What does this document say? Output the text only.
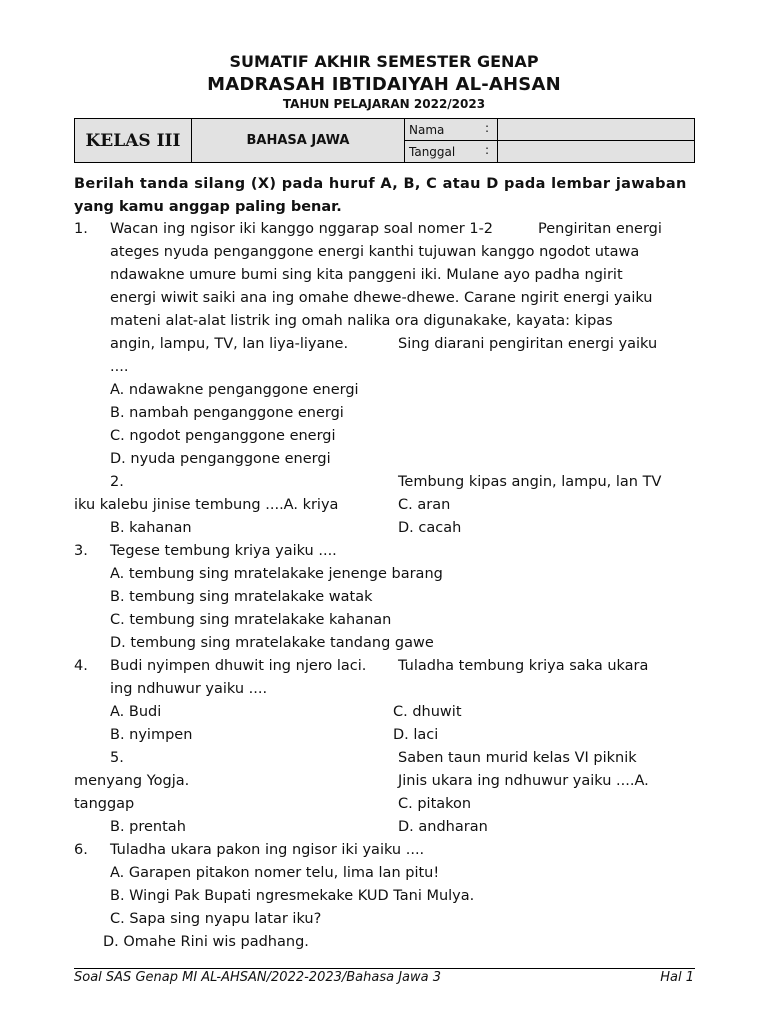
SUMATIF AKHIR SEMESTER GENAP
MADRASAH IBTIDAIYAH AL-AHSAN
TAHUN PELAJARAN 2022/2023
KELAS III	BAHASA JAWA	Nama :	

		Tanggal :	

Berilah tanda silang (X) pada huruf A, B, C atau D pada lembar jawaban
yang kamu anggap paling benar.
1. Wacan ing ngisor iki kanggo nggarap soal nomer 1-2	Pengiritan energi
ateges nyuda penganggone energi kanthi tujuwan kanggo ngodot utawa
ndawakne umure bumi sing kita panggeni iki. Mulane ayo padha ngirit
energi wiwit saiki ana ing omahe dhewe-dhewe. Carane ngirit energi yaiku
mateni alat-alat listrik ing omah nalika ora digunakake, kayata: kipas
angin, lampu, TV, lan liya-liyane.	Sing diarani pengiritan energi yaiku
....
A. ndawakne penganggone energi
B. nambah penganggone energi
C. ngodot penganggone energi
D. nyuda penganggone energi
2.	Tembung kipas angin, lampu, lan TV
iku kalebu jinise tembung ....A. kriya	C. aran
B. kahanan	D. cacah
3. Tegese tembung kriya yaiku ....
A. tembung sing mratelakake jenenge barang
B. tembung sing mratelakake watak
C. tembung sing mratelakake kahanan
D. tembung sing mratelakake tandang gawe
4. Budi nyimpen dhuwit ing njero laci. Tuladha tembung kriya saka ukara
ing ndhuwur yaiku ....
A. Budi	C. dhuwit
B. nyimpen	D. laci
5.	Saben taun murid kelas VI piknik
menyang Yogja.	Jinis ukara ing ndhuwur yaiku ....A.
tanggap	C. pitakon
B. prentah	D. andharan
6. Tuladha ukara pakon ing ngisor iki yaiku ....
A. Garapen pitakon nomer telu, lima lan pitu!
B. Wingi Pak Bupati ngresmekake KUD Tani Mulya.
C. Sapa sing nyapu latar iku?
D. Omahe Rini wis padhang.
Soal SAS Genap MI AL-AHSAN/2022-2023/Bahasa Jawa 3	Hal 1
